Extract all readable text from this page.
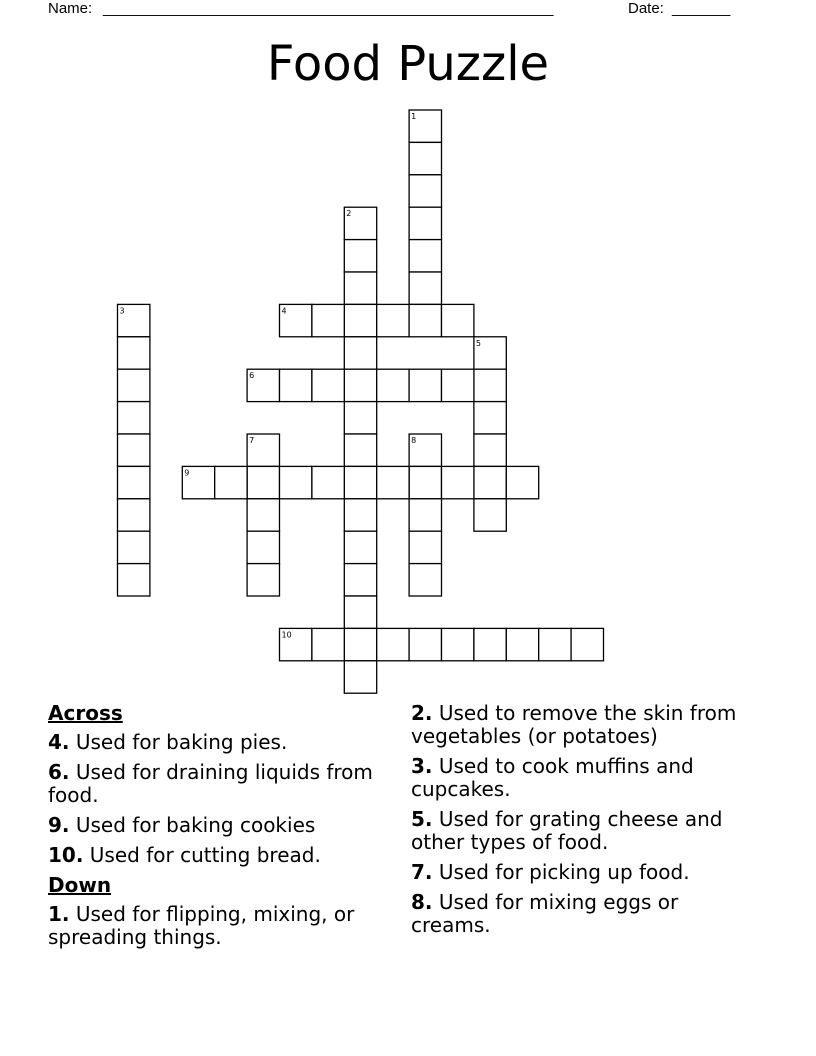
Name: ______________________________________________________	Date: _______
Food Puzzle
1
2
3	4
5
6
7	8
9
10
Across
4. Used for baking pies.
6. Used for draining liquids from food.
9. Used for baking cookies
10. Used for cutting bread.
Down
1. Used for flipping, mixing, or spreading things.
2. Used to remove the skin from vegetables (or potatoes)
3. Used to cook muffins and cupcakes.
5. Used for grating cheese and other types of food.
7. Used for picking up food.
8. Used for mixing eggs or creams.
